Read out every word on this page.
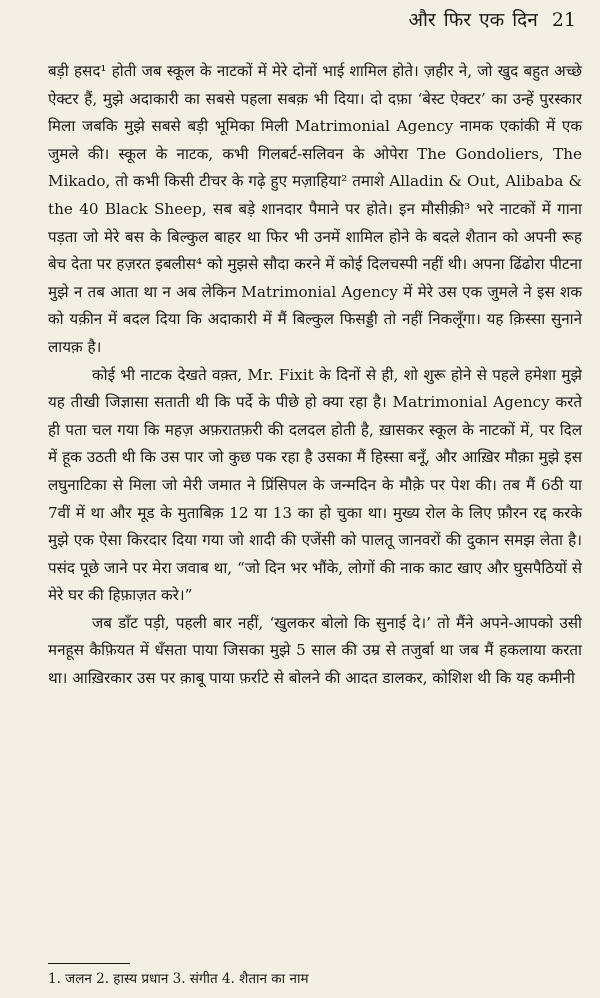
और फिर एक दिन 21

बड़ी हसद¹ होती जब स्कूल के नाटकों में मेरे दोनों भाई शामिल होते। ज़हीर ने, जो खुद बहुत अच्छे ऐक्टर हैं, मुझे अदाकारी का सबसे पहला सबक़ भी दिया। दो दफ़ा ‘बेस्ट ऐक्टर’ का उन्हें पुरस्कार मिला जबकि मुझे सबसे बड़ी भूमिका मिली Matrimonial Agency नामक एकांकी में एक जुमले की। स्कूल के नाटक, कभी गिलबर्ट-सलिवन के ओपेरा The Gondoliers, The Mikado, तो कभी किसी टीचर के गढ़े हुए मज़ाहिया² तमाशे Alladin & Out, Alibaba & the 40 Black Sheep, सब बड़े शानदार पैमाने पर होते। इन मौसीक़ी³ भरे नाटकों में गाना पड़ता जो मेरे बस के बिल्कुल बाहर था फिर भी उनमें शामिल होने के बदले शैतान को अपनी रूह बेच देता पर हज़रत इबलीस⁴ को मुझसे सौदा करने में कोई दिलचस्पी नहीं थी। अपना ढिंढोरा पीटना मुझे न तब आता था न अब लेकिन Matrimonial Agency में मेरे उस एक जुमले ने इस शक को यक़ीन में बदल दिया कि अदाकारी में मैं बिल्कुल फिसड्डी तो नहीं निकलूँगा। यह क़िस्सा सुनाने लायक़ है।

कोई भी नाटक देखते वक़्त, Mr. Fixit के दिनों से ही, शो शुरू होने से पहले हमेशा मुझे यह तीखी जिज्ञासा सताती थी कि पर्दे के पीछे हो क्या रहा है। Matrimonial Agency करते ही पता चल गया कि महज़ अफ़रातफ़री की दलदल होती है, ख़ासकर स्कूल के नाटकों में, पर दिल में हूक उठती थी कि उस पार जो कुछ पक रहा है उसका मैं हिस्सा बनूँ, और आख़िर मौक़ा मुझे इस लघुनाटिका से मिला जो मेरी जमात ने प्रिंसिपल के जन्मदिन के मौक़े पर पेश की। तब मैं 6ठी या 7वीं में था और मूड के मुताबिक़ 12 या 13 का हो चुका था। मुख्य रोल के लिए फ़ौरन रद्द करके मुझे एक ऐसा किरदार दिया गया जो शादी की एजेंसी को पालतू जानवरों की दुकान समझ लेता है। पसंद पूछे जाने पर मेरा जवाब था, “जो दिन भर भौंके, लोगों की नाक काट खाए और घुसपैठियों से मेरे घर की हिफ़ाज़त करे।”

जब डाँट पड़ी, पहली बार नहीं, ‘खुलकर बोलो कि सुनाई दे।’ तो मैंने अपने-आपको उसी मनहूस कैफ़ियत में धँसता पाया जिसका मुझे 5 साल की उम्र से तजुर्बा था जब मैं हकलाया करता था। आख़िरकार उस पर क़ाबू पाया फ़र्राटे से बोलने की आदत डालकर, कोशिश थी कि यह कमीनी

1. जलन 2. हास्य प्रधान 3. संगीत 4. शैतान का नाम
